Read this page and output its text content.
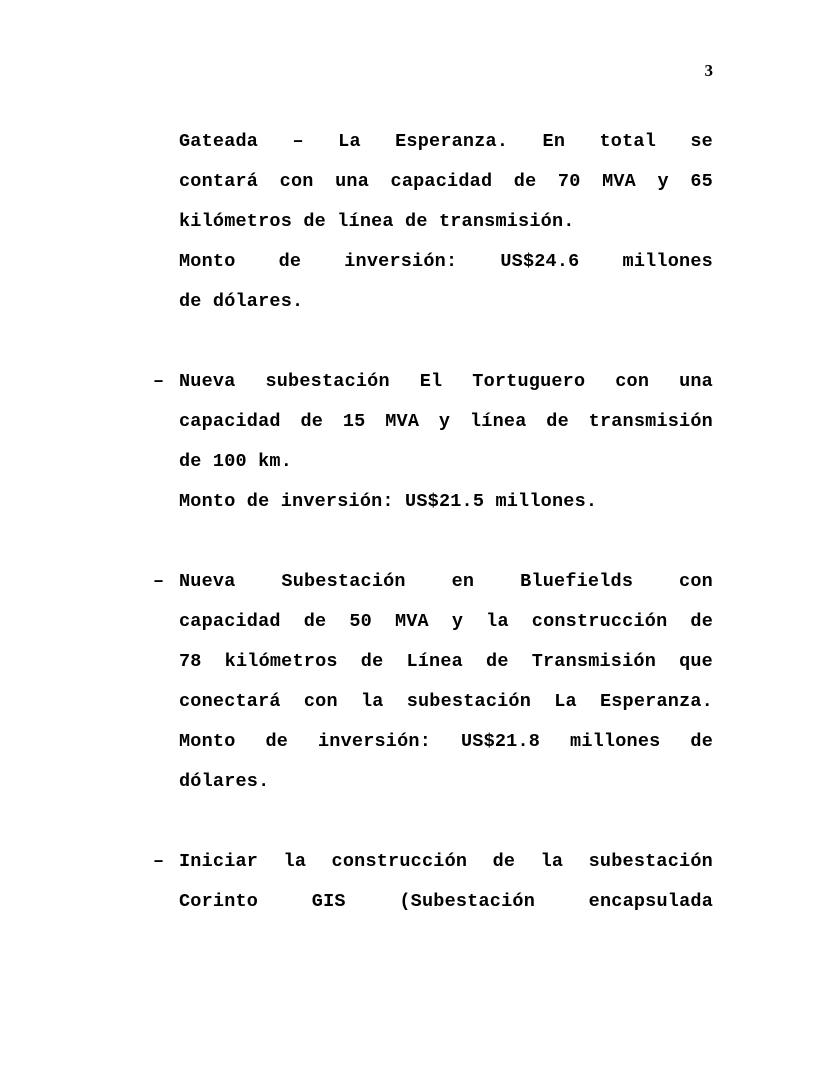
3
Gateada – La Esperanza. En total se
contará con una capacidad de 70 MVA y 65
kilómetros de línea de transmisión.
Monto de inversión: US$24.6 millones
de dólares.
– Nueva subestación El Tortuguero con una
capacidad de 15 MVA y línea de transmisión
de 100 km.
Monto de inversión: US$21.5 millones.
– Nueva Subestación en Bluefields con
capacidad de 50 MVA y la construcción de
78 kilómetros de Línea de Transmisión que
conectará con la subestación La Esperanza.
Monto de inversión: US$21.8 millones de
dólares.
– Iniciar la construcción de la subestación
Corinto	GIS	(Subestación	encapsulada
